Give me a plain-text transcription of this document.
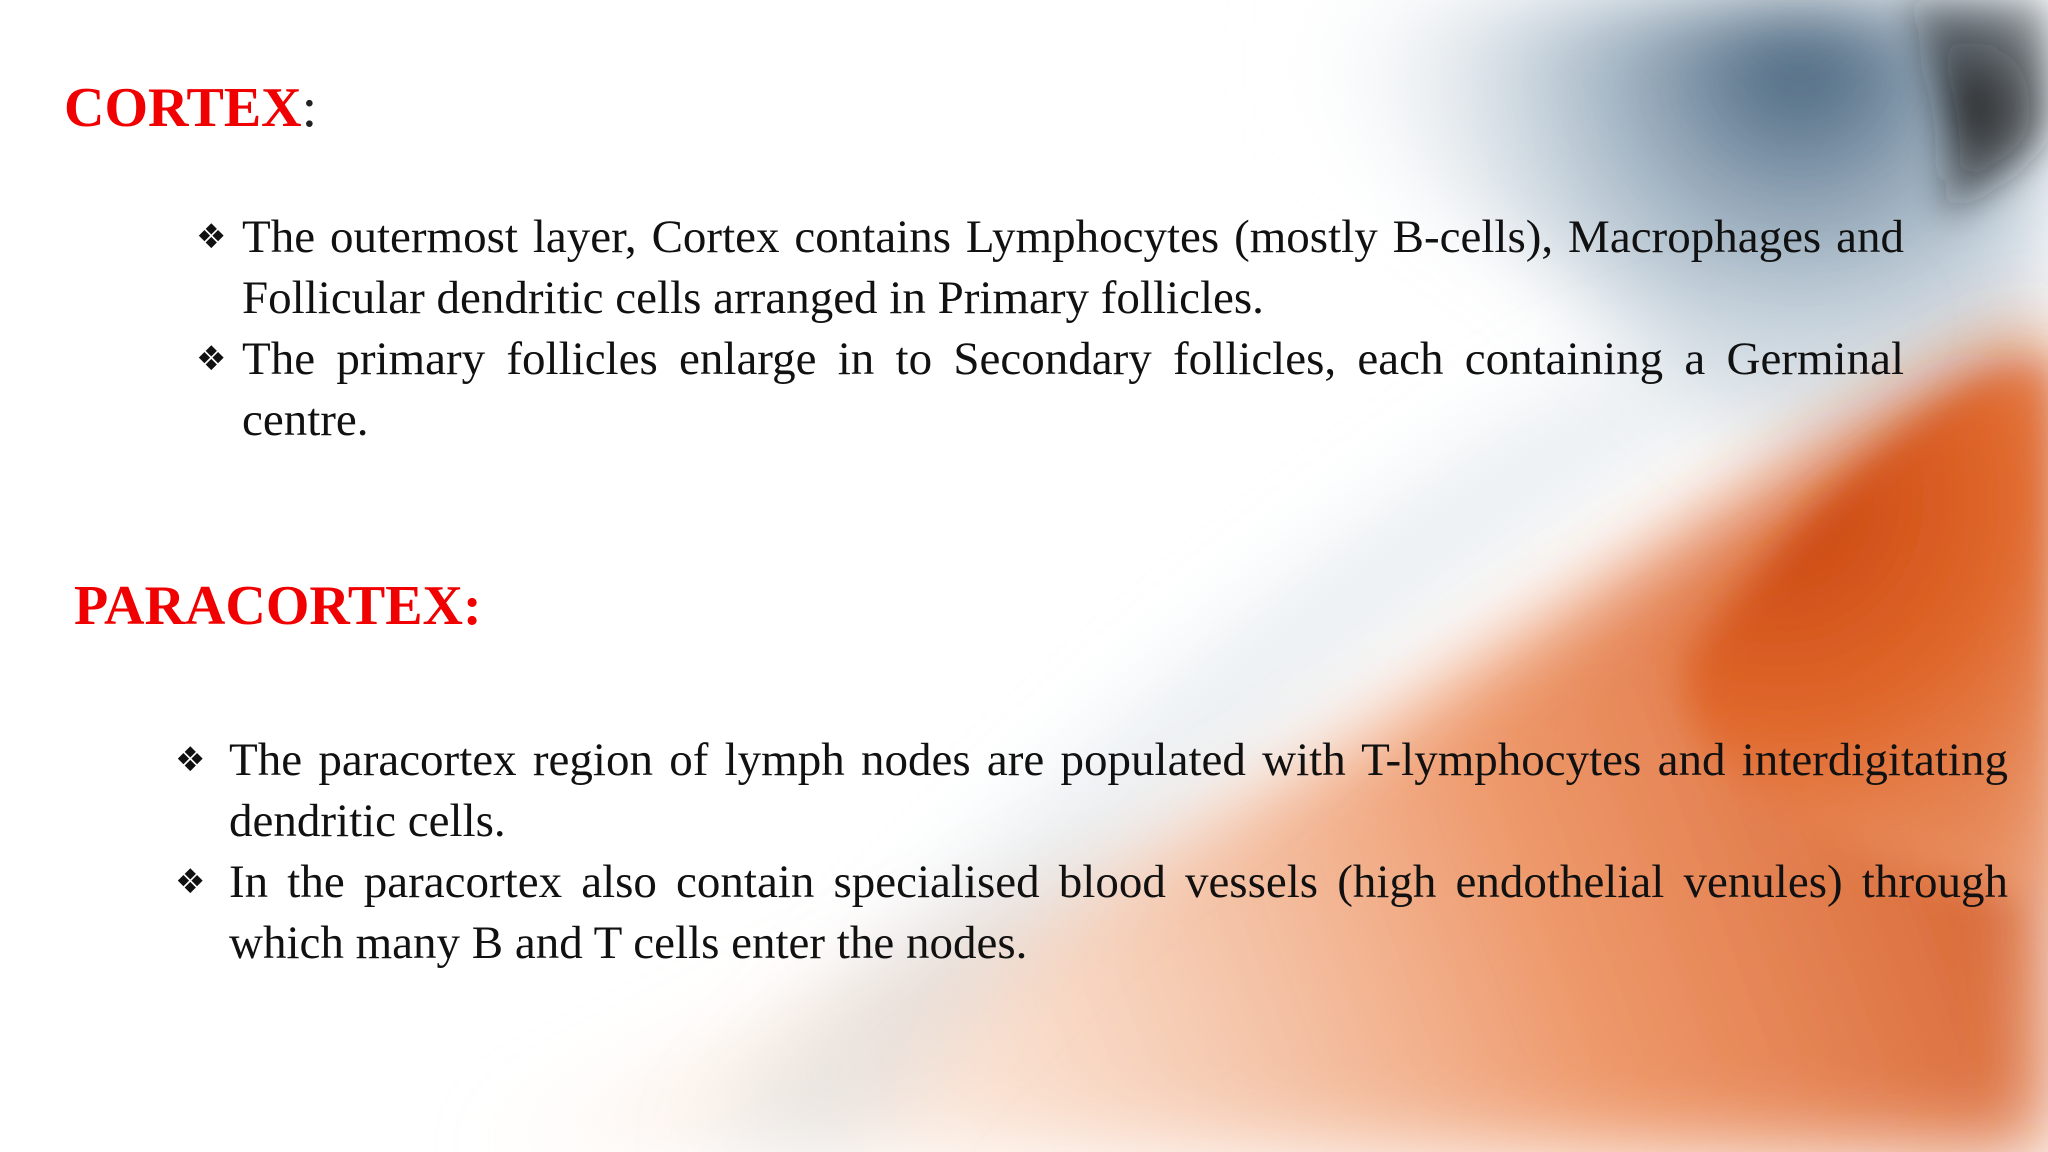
CORTEX:
❖ The outermost layer, Cortex contains Lymphocytes (mostly B-cells), Macrophages and Follicular dendritic cells arranged in Primary follicles.
❖ The primary follicles enlarge in to Secondary follicles, each containing a Germinal centre.
PARACORTEX:
❖ The paracortex region of lymph nodes are populated with T-lymphocytes and interdigitating dendritic cells.
❖ In the paracortex also contain specialised blood vessels (high endothelial venules) through which many B and T cells enter the nodes.
